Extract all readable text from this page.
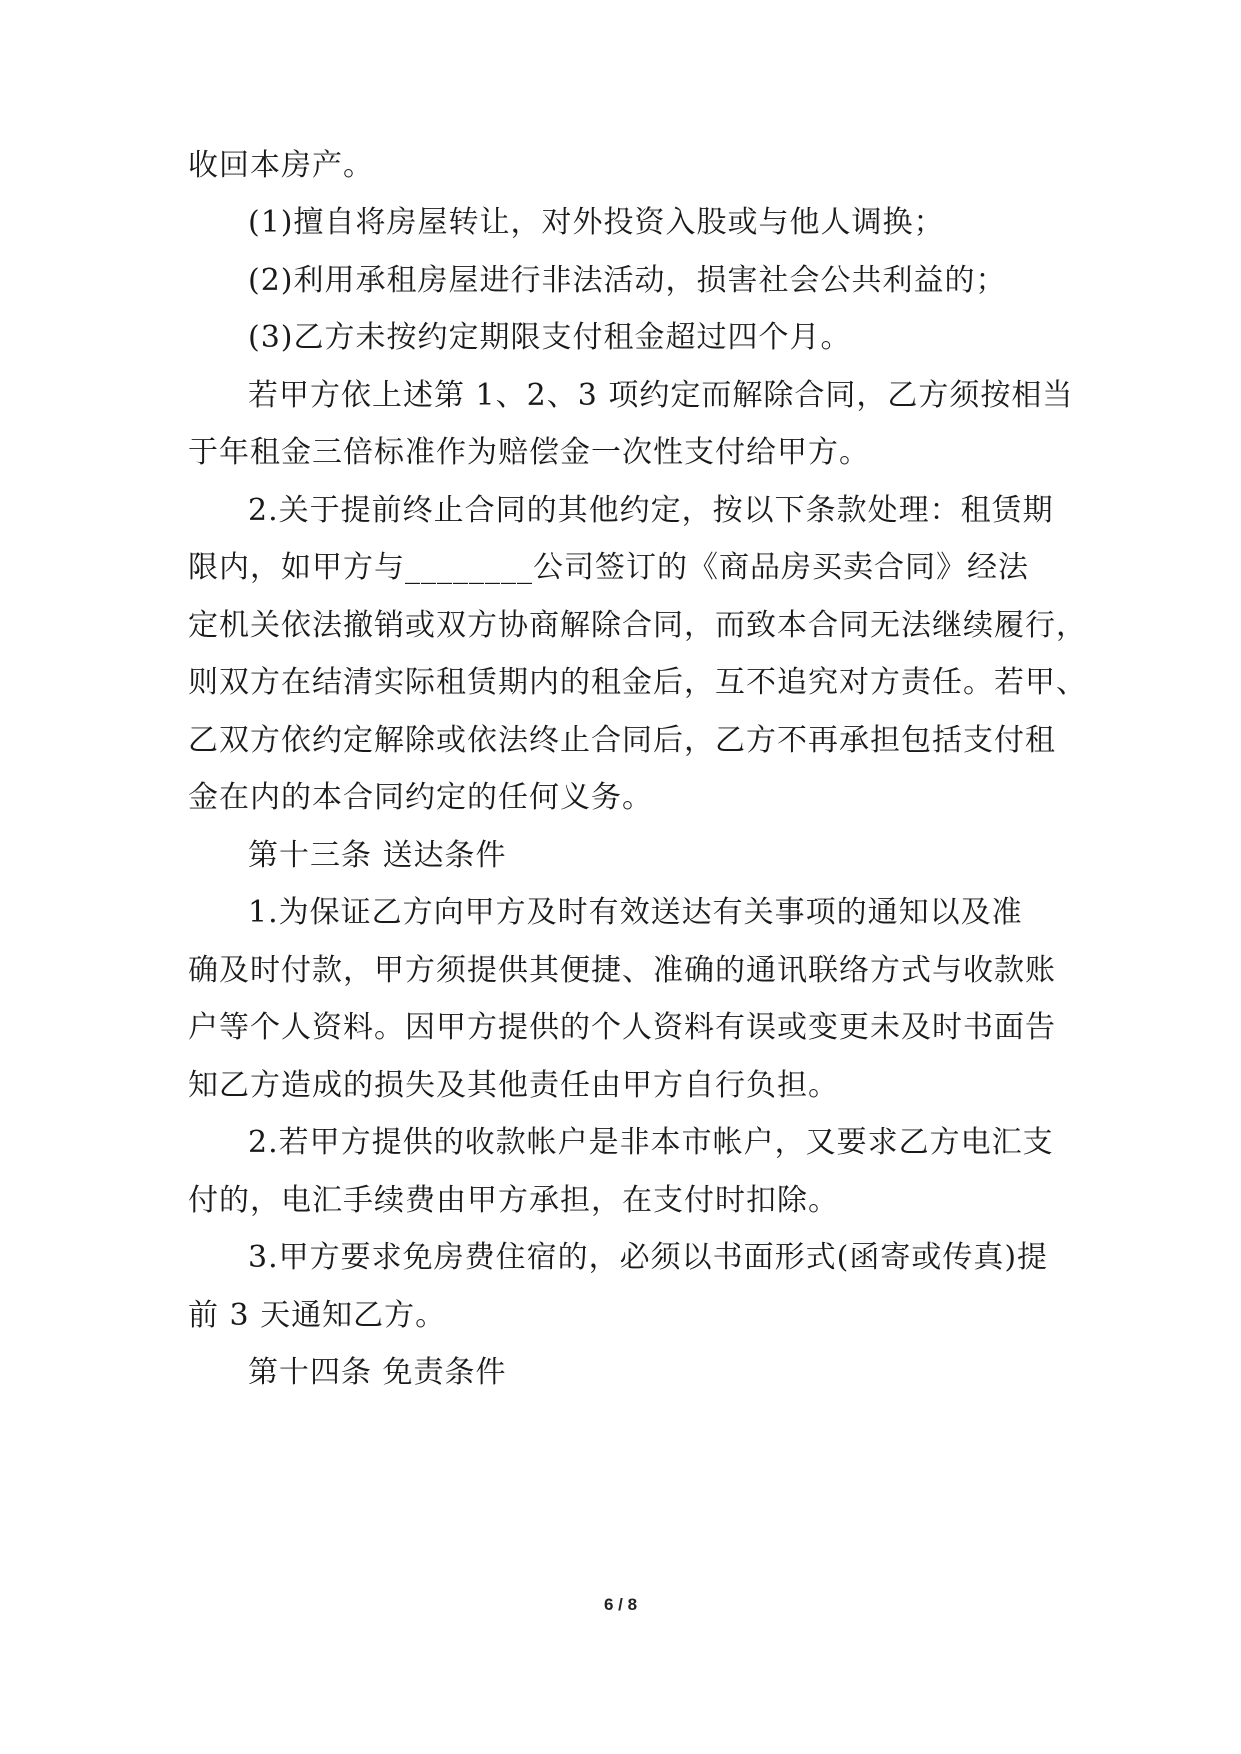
收回本房产。
(1)擅自将房屋转让，对外投资入股或与他人调换；
(2)利用承租房屋进行非法活动，损害社会公共利益的；
(3)乙方未按约定期限支付租金超过四个月。
若甲方依上述第 1、2、3 项约定而解除合同，乙方须按相当
于年租金三倍标准作为赔偿金一次性支付给甲方。
2.关于提前终止合同的其他约定，按以下条款处理：租赁期
限内，如甲方与________公司签订的《商品房买卖合同》经法
定机关依法撤销或双方协商解除合同，而致本合同无法继续履行，
则双方在结清实际租赁期内的租金后，互不追究对方责任。若甲、
乙双方依约定解除或依法终止合同后，乙方不再承担包括支付租
金在内的本合同约定的任何义务。
第十三条 送达条件
1.为保证乙方向甲方及时有效送达有关事项的通知以及准
确及时付款，甲方须提供其便捷、准确的通讯联络方式与收款账
户等个人资料。因甲方提供的个人资料有误或变更未及时书面告
知乙方造成的损失及其他责任由甲方自行负担。
2.若甲方提供的收款帐户是非本市帐户，又要求乙方电汇支
付的，电汇手续费由甲方承担，在支付时扣除。
3.甲方要求免房费住宿的，必须以书面形式(函寄或传真)提
前 3 天通知乙方。
第十四条 免责条件
6 / 8
